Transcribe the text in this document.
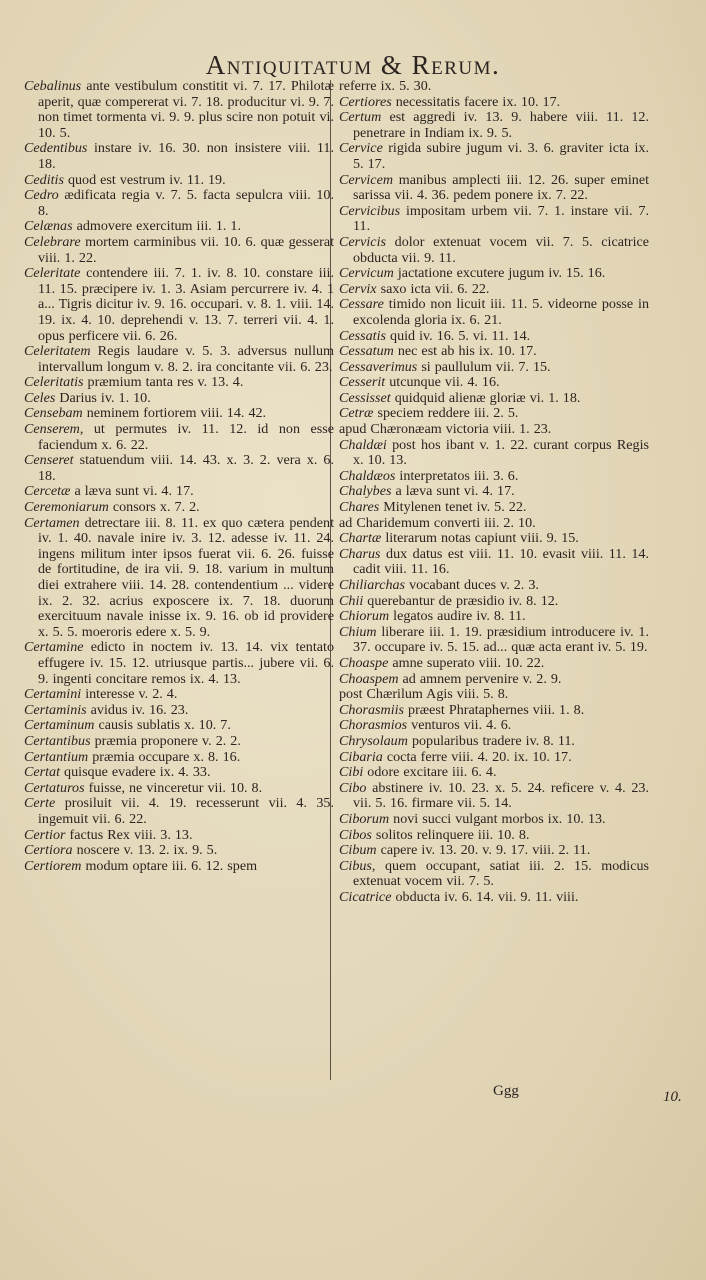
Antiquitatum & Rerum.

Cebalinus ante vestibulum constitit vi. 7. 17. Philotæ aperit, quæ compererat vi. 7. 18. producitur vi. 9. 7. non timet tormenta vi. 9. 9. plus scire non potuit vi. 10. 5.

Cedentibus instare iv. 16. 30. non insistere viii. 11. 18.

Ceditis quod est vestrum iv. 11. 19.

Cedro ædificata regia v. 7. 5. facta sepulcra viii. 10. 8.

Celænas admovere exercitum iii. 1. 1.

Celebrare mortem carminibus vii. 10. 6. quæ gesserat viii. 1. 22.

Celeritate contendere iii. 7. 1. iv. 8. 10. constare iii. 11. 15. præcipere iv. 1. 3. Asiam percurrere iv. 4. 1 a... Tigris dicitur iv. 9. 16. occupari. v. 8. 1. viii. 14. 19. ix. 4. 10. deprehendi v. 13. 7. terreri vii. 4. 1. opus perficere vii. 6. 26.

Celeritatem Regis laudare v. 5. 3. adversus nullum intervallum longum v. 8. 2. ira concitante vii. 6. 23.

Celeritatis præmium tanta res v. 13. 4.

Celes Darius iv. 1. 10.

Censebam neminem fortiorem viii. 14. 42.

Censerem, ut permutes iv. 11. 12. id non esse faciendum x. 6. 22.

Censeret statuendum viii. 14. 43. x. 3. 2. vera x. 6. 18.

Cercetæ a læva sunt vi. 4. 17.

Ceremoniarum consors x. 7. 2.

Certamen detrectare iii. 8. 11. ex quo cætera pendent iv. 1. 40. navale inire iv. 3. 12. adesse iv. 11. 24. ingens militum inter ipsos fuerat vii. 6. 26. fuisse de fortitudine, de ira vii. 9. 18. varium in multum diei extrahere viii. 14. 28. contendentium ... videre ix. 2. 32. acrius exposcere ix. 7. 18. duorum exercituum navale inisse ix. 9. 16. ob id providere x. 5. 5. moeroris edere x. 5. 9.

Certamine edicto in noctem iv. 13. 14. vix tentato effugere iv. 15. 12. utriusque partis... jubere vii. 6. 9. ingenti concitare remos ix. 4. 13.

Certamini interesse v. 2. 4.

Certaminis avidus iv. 16. 23.

Certaminum causis sublatis x. 10. 7.

Certantibus præmia proponere v. 2. 2.

Certantium præmia occupare x. 8. 16.

Certat quisque evadere ix. 4. 33.

Certaturos fuisse, ne vinceretur vii. 10. 8.

Certe prosiluit vii. 4. 19. recesserunt vii. 4. 35. ingemuit vii. 6. 22.

Certior factus Rex viii. 3. 13.

Certiora noscere v. 13. 2. ix. 9. 5.

Certiorem modum optare iii. 6. 12. spem

referre ix. 5. 30.

Certiores necessitatis facere ix. 10. 17.

Certum est aggredi iv. 13. 9. habere viii. 11. 12. penetrare in Indiam ix. 9. 5.

Cervice rigida subire jugum vi. 3. 6. graviter icta ix. 5. 17.

Cervicem manibus amplecti iii. 12. 26. super eminet sarissa vii. 4. 36. pedem ponere ix. 7. 22.

Cervicibus impositam urbem vii. 7. 1. instare vii. 7. 11.

Cervicis dolor extenuat vocem vii. 7. 5. cicatrice obducta vii. 9. 11.

Cervicum jactatione excutere jugum iv. 15. 16.

Cervix saxo icta vii. 6. 22.

Cessare timido non licuit iii. 11. 5. videorne posse in excolenda gloria ix. 6. 21.

Cessatis quid iv. 16. 5. vi. 11. 14.

Cessatum nec est ab his ix. 10. 17.

Cessaverimus si paullulum vii. 7. 15.

Cesserit utcunque vii. 4. 16.

Cessisset quidquid alienæ gloriæ vi. 1. 18.

Cetræ speciem reddere iii. 2. 5.

apud Chæronæam victoria viii. 1. 23.

Chaldæi post hos ibant v. 1. 22. curant corpus Regis x. 10. 13.

Chaldæos interpretatos iii. 3. 6.

Chalybes a læva sunt vi. 4. 17.

Chares Mitylenen tenet iv. 5. 22.

ad Charidemum converti iii. 2. 10.

Chartæ literarum notas capiunt viii. 9. 15.

Charus dux datus est viii. 11. 10. evasit viii. 11. 14. cadit viii. 11. 16.

Chiliarchas vocabant duces v. 2. 3.

Chii querebantur de præsidio iv. 8. 12.

Chiorum legatos audire iv. 8. 11.

Chium liberare iii. 1. 19. præsidium introducere iv. 1. 37. occupare iv. 5. 15. ad... quæ acta erant iv. 5. 19.

Choaspe amne superato viii. 10. 22.

Choaspem ad amnem pervenire v. 2. 9.

post Chærilum Agis viii. 5. 8.

Chorasmiis præest Phrataphernes viii. 1. 8.

Chorasmios venturos vii. 4. 6.

Chrysolaum popularibus tradere iv. 8. 11.

Cibaria cocta ferre viii. 4. 20. ix. 10. 17.

Cibi odore excitare iii. 6. 4.

Cibo abstinere iv. 10. 23. x. 5. 24. reficere v. 4. 23. vii. 5. 16. firmare vii. 5. 14.

Ciborum novi succi vulgant morbos ix. 10. 13.

Cibos solitos relinquere iii. 10. 8.

Cibum capere iv. 13. 20. v. 9. 17. viii. 2. 11.

Cibus, quem occupant, satiat iii. 2. 15. modicus extenuat vocem vii. 7. 5.

Cicatrice obducta iv. 6. 14. vii. 9. 11. viii.

Ggg	10.
